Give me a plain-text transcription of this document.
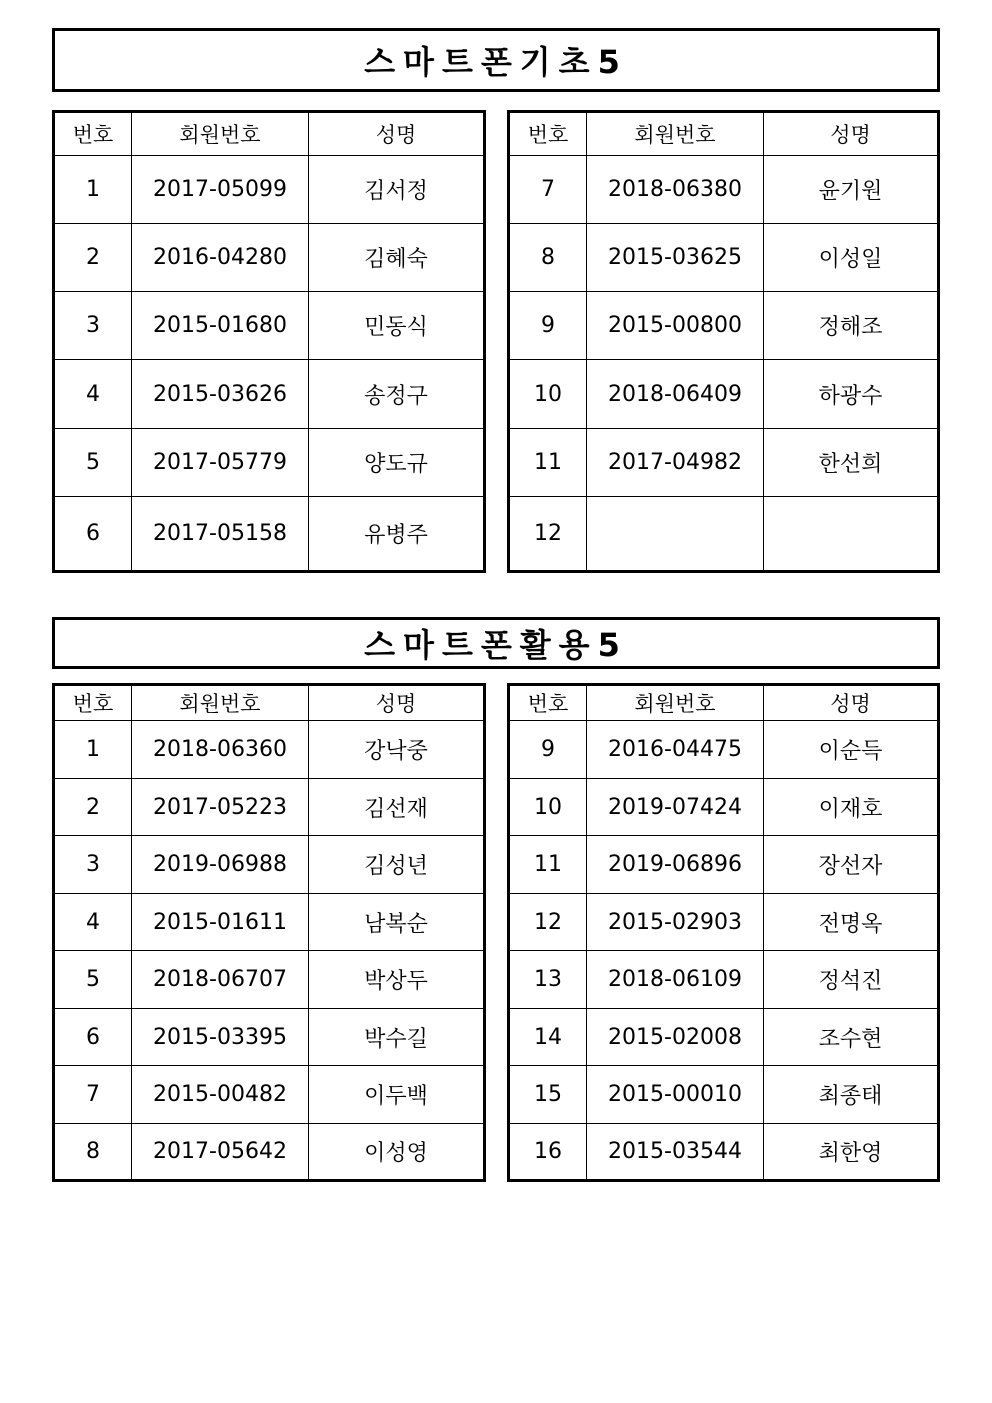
스마트폰기초5
번호	회원번호	성명
1	2017-05099	김서정
2	2016-04280	김혜숙
3	2015-01680	민동식
4	2015-03626	송정구
5	2017-05779	양도규
6	2017-05158	유병주
번호	회원번호	성명
7	2018-06380	윤기원
8	2015-03625	이성일
9	2015-00800	정해조
10	2018-06409	하광수
11	2017-04982	한선희
12		
스마트폰활용5
번호	회원번호	성명
1	2018-06360	강낙중
2	2017-05223	김선재
3	2019-06988	김성년
4	2015-01611	남복순
5	2018-06707	박상두
6	2015-03395	박수길
7	2015-00482	이두백
8	2017-05642	이성영
번호	회원번호	성명
9	2016-04475	이순득
10	2019-07424	이재호
11	2019-06896	장선자
12	2015-02903	전명옥
13	2018-06109	정석진
14	2015-02008	조수현
15	2015-00010	최종태
16	2015-03544	최한영
